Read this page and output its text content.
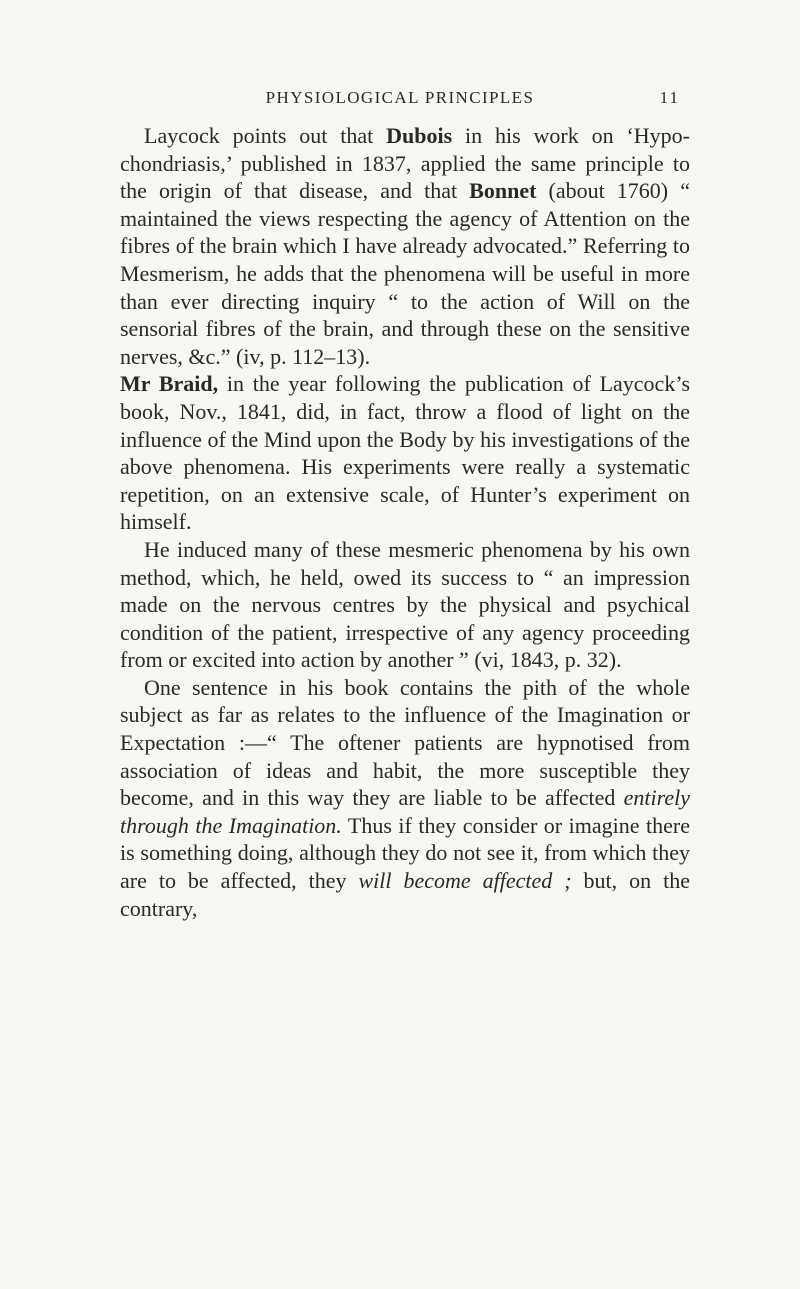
PHYSIOLOGICAL PRINCIPLES	11

Laycock points out that Dubois in his work on ‘Hypo-chondriasis,’ published in 1837, applied the same principle to the origin of that disease, and that Bonnet (about 1760) “ maintained the views respecting the agency of Attention on the fibres of the brain which I have already advocated.” Referring to Mesmerism, he adds that the phenomena will be useful in more than ever directing inquiry “ to the action of Will on the sensorial fibres of the brain, and through these on the sensitive nerves, &c.” (iv, p. 112–13).

Mr Braid, in the year following the publication of Laycock’s book, Nov., 1841, did, in fact, throw a flood of light on the influence of the Mind upon the Body by his investigations of the above phenomena. His experiments were really a systematic repetition, on an extensive scale, of Hunter’s experiment on himself.

He induced many of these mesmeric phenomena by his own method, which, he held, owed its success to “ an impression made on the nervous centres by the physical and psychical condition of the patient, irrespective of any agency proceeding from or excited into action by another ” (vi, 1843, p. 32).

One sentence in his book contains the pith of the whole subject as far as relates to the influence of the Imagination or Expectation :—“ The oftener patients are hypnotised from association of ideas and habit, the more susceptible they become, and in this way they are liable to be affected entirely through the Imagination. Thus if they consider or imagine there is something doing, although they do not see it, from which they are to be affected, they will become affected ; but, on the contrary,
